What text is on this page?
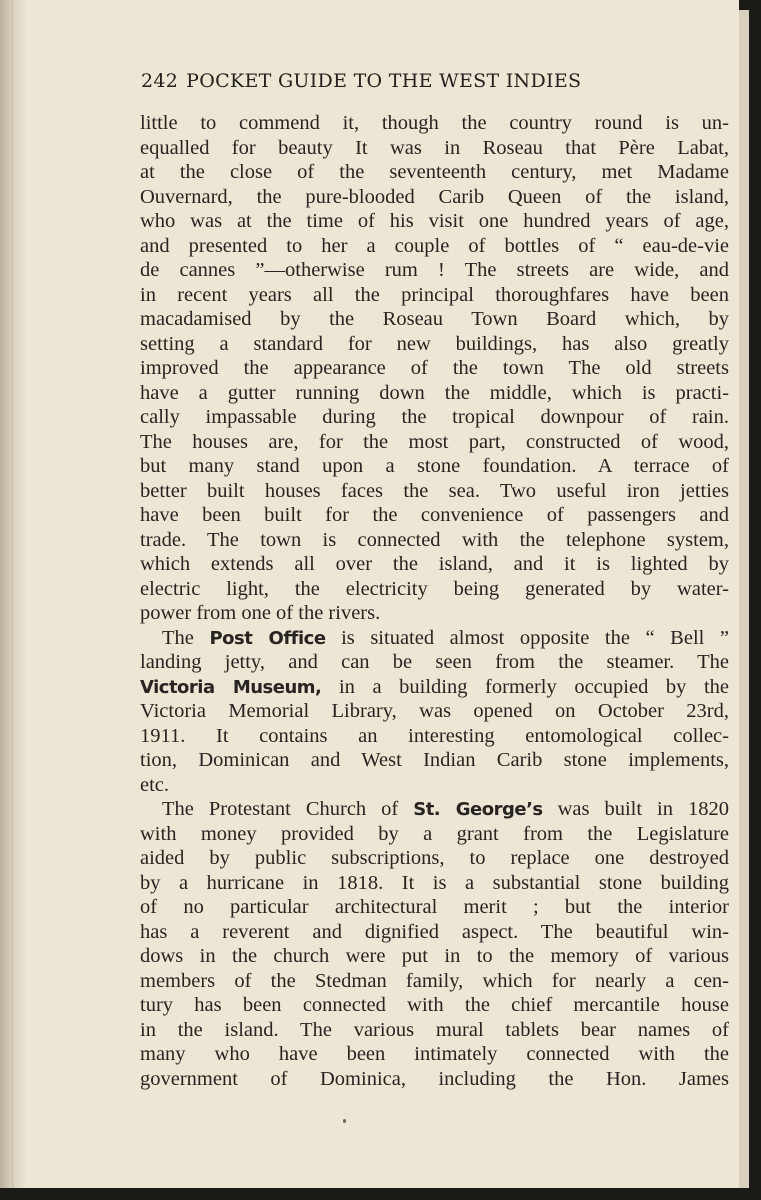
242 POCKET GUIDE TO THE WEST INDIES
little to commend it, though the country round is un-
equalled for beauty It was in Roseau that Père Labat,
at the close of the seventeenth century, met Madame
Ouvernard, the pure-blooded Carib Queen of the island,
who was at the time of his visit one hundred years of age,
and presented to her a couple of bottles of “ eau-de-vie
de cannes ”—otherwise rum ! The streets are wide, and
in recent years all the principal thoroughfares have been
macadamised by the Roseau Town Board which, by
setting a standard for new buildings, has also greatly
improved the appearance of the town The old streets
have a gutter running down the middle, which is practi-
cally impassable during the tropical downpour of rain.
The houses are, for the most part, constructed of wood,
but many stand upon a stone foundation. A terrace of
better built houses faces the sea. Two useful iron jetties
have been built for the convenience of passengers and
trade. The town is connected with the telephone system,
which extends all over the island, and it is lighted by
electric light, the electricity being generated by water-
power from one of the rivers.
The Post Office is situated almost opposite the “ Bell ”
landing jetty, and can be seen from the steamer. The
Victoria Museum, in a building formerly occupied by the
Victoria Memorial Library, was opened on October 23rd,
1911. It contains an interesting entomological collec-
tion, Dominican and West Indian Carib stone implements,
etc.
The Protestant Church of St. George’s was built in 1820
with money provided by a grant from the Legislature
aided by public subscriptions, to replace one destroyed
by a hurricane in 1818. It is a substantial stone building
of no particular architectural merit ; but the interior
has a reverent and dignified aspect. The beautiful win-
dows in the church were put in to the memory of various
members of the Stedman family, which for nearly a cen-
tury has been connected with the chief mercantile house
in the island. The various mural tablets bear names of
many who have been intimately connected with the
government of Dominica, including the Hon. James
